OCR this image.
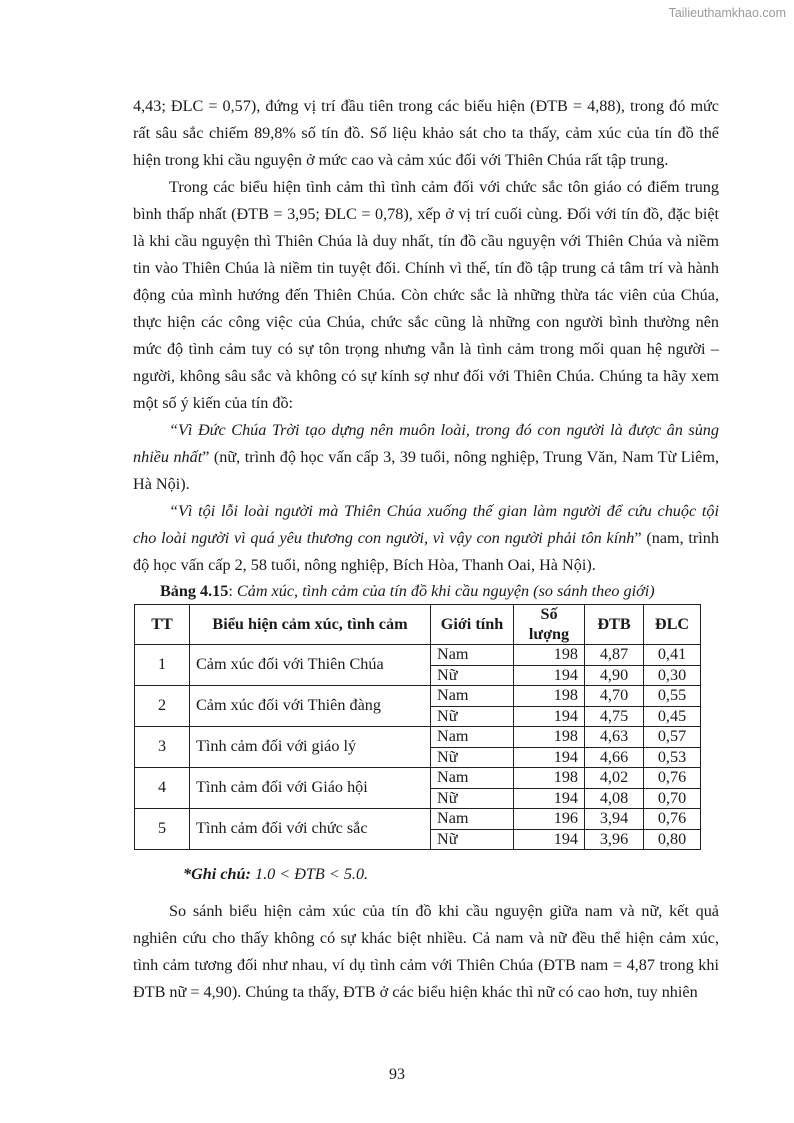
Tailieuthamkhao.com

4,43; ĐLC = 0,57), đứng vị trí đầu tiên trong các biểu hiện (ĐTB = 4,88), trong đó mức rất sâu sắc chiếm 89,8% số tín đồ. Số liệu khảo sát cho ta thấy, cảm xúc của tín đồ thể hiện trong khi cầu nguyện ở mức cao và cảm xúc đối với Thiên Chúa rất tập trung.

Trong các biểu hiện tình cảm thì tình cảm đối với chức sắc tôn giáo có điểm trung bình thấp nhất (ĐTB = 3,95; ĐLC = 0,78), xếp ở vị trí cuối cùng. Đối với tín đồ, đặc biệt là khi cầu nguyện thì Thiên Chúa là duy nhất, tín đồ cầu nguyện với Thiên Chúa và niềm tin vào Thiên Chúa là niềm tin tuyệt đối. Chính vì thế, tín đồ tập trung cả tâm trí và hành động của mình hướng đến Thiên Chúa. Còn chức sắc là những thừa tác viên của Chúa, thực hiện các công việc của Chúa, chức sắc cũng là những con người bình thường nên mức độ tình cảm tuy có sự tôn trọng nhưng vẫn là tình cảm trong mối quan hệ người – người, không sâu sắc và không có sự kính sợ như đối với Thiên Chúa. Chúng ta hãy xem một số ý kiến của tín đồ:

“Vì Đức Chúa Trời tạo dựng nên muôn loài, trong đó con người là được ân sủng nhiều nhất” (nữ, trình độ học vấn cấp 3, 39 tuổi, nông nghiệp, Trung Văn, Nam Từ Liêm, Hà Nội).

“Vì tội lỗi loài người mà Thiên Chúa xuống thế gian làm người để cứu chuộc tội cho loài người vì quá yêu thương con người, vì vậy con người phải tôn kính” (nam, trình độ học vấn cấp 2, 58 tuổi, nông nghiệp, Bích Hòa, Thanh Oai, Hà Nội).

Bảng 4.15: Cảm xúc, tình cảm của tín đồ khi cầu nguyện (so sánh theo giới)

TT	Biểu hiện cảm xúc, tình cảm	Giới tính	Số lượng	ĐTB	ĐLC
1	Cảm xúc đối với Thiên Chúa	Nam	198	4,87	0,41
		Nữ	194	4,90	0,30
2	Cảm xúc đối với Thiên đàng	Nam	198	4,70	0,55
		Nữ	194	4,75	0,45
3	Tình cảm đối với giáo lý	Nam	198	4,63	0,57
		Nữ	194	4,66	0,53
4	Tình cảm đối với Giáo hội	Nam	198	4,02	0,76
		Nữ	194	4,08	0,70
5	Tình cảm đối với chức sắc	Nam	196	3,94	0,76
		Nữ	194	3,96	0,80

*Ghi chú: 1.0 < ĐTB < 5.0.

So sánh biểu hiện cảm xúc của tín đồ khi cầu nguyện giữa nam và nữ, kết quả nghiên cứu cho thấy không có sự khác biệt nhiều. Cả nam và nữ đều thể hiện cảm xúc, tình cảm tương đối như nhau, ví dụ tình cảm với Thiên Chúa (ĐTB nam = 4,87 trong khi ĐTB nữ = 4,90). Chúng ta thấy, ĐTB ở các biểu hiện khác thì nữ có cao hơn, tuy nhiên

93
